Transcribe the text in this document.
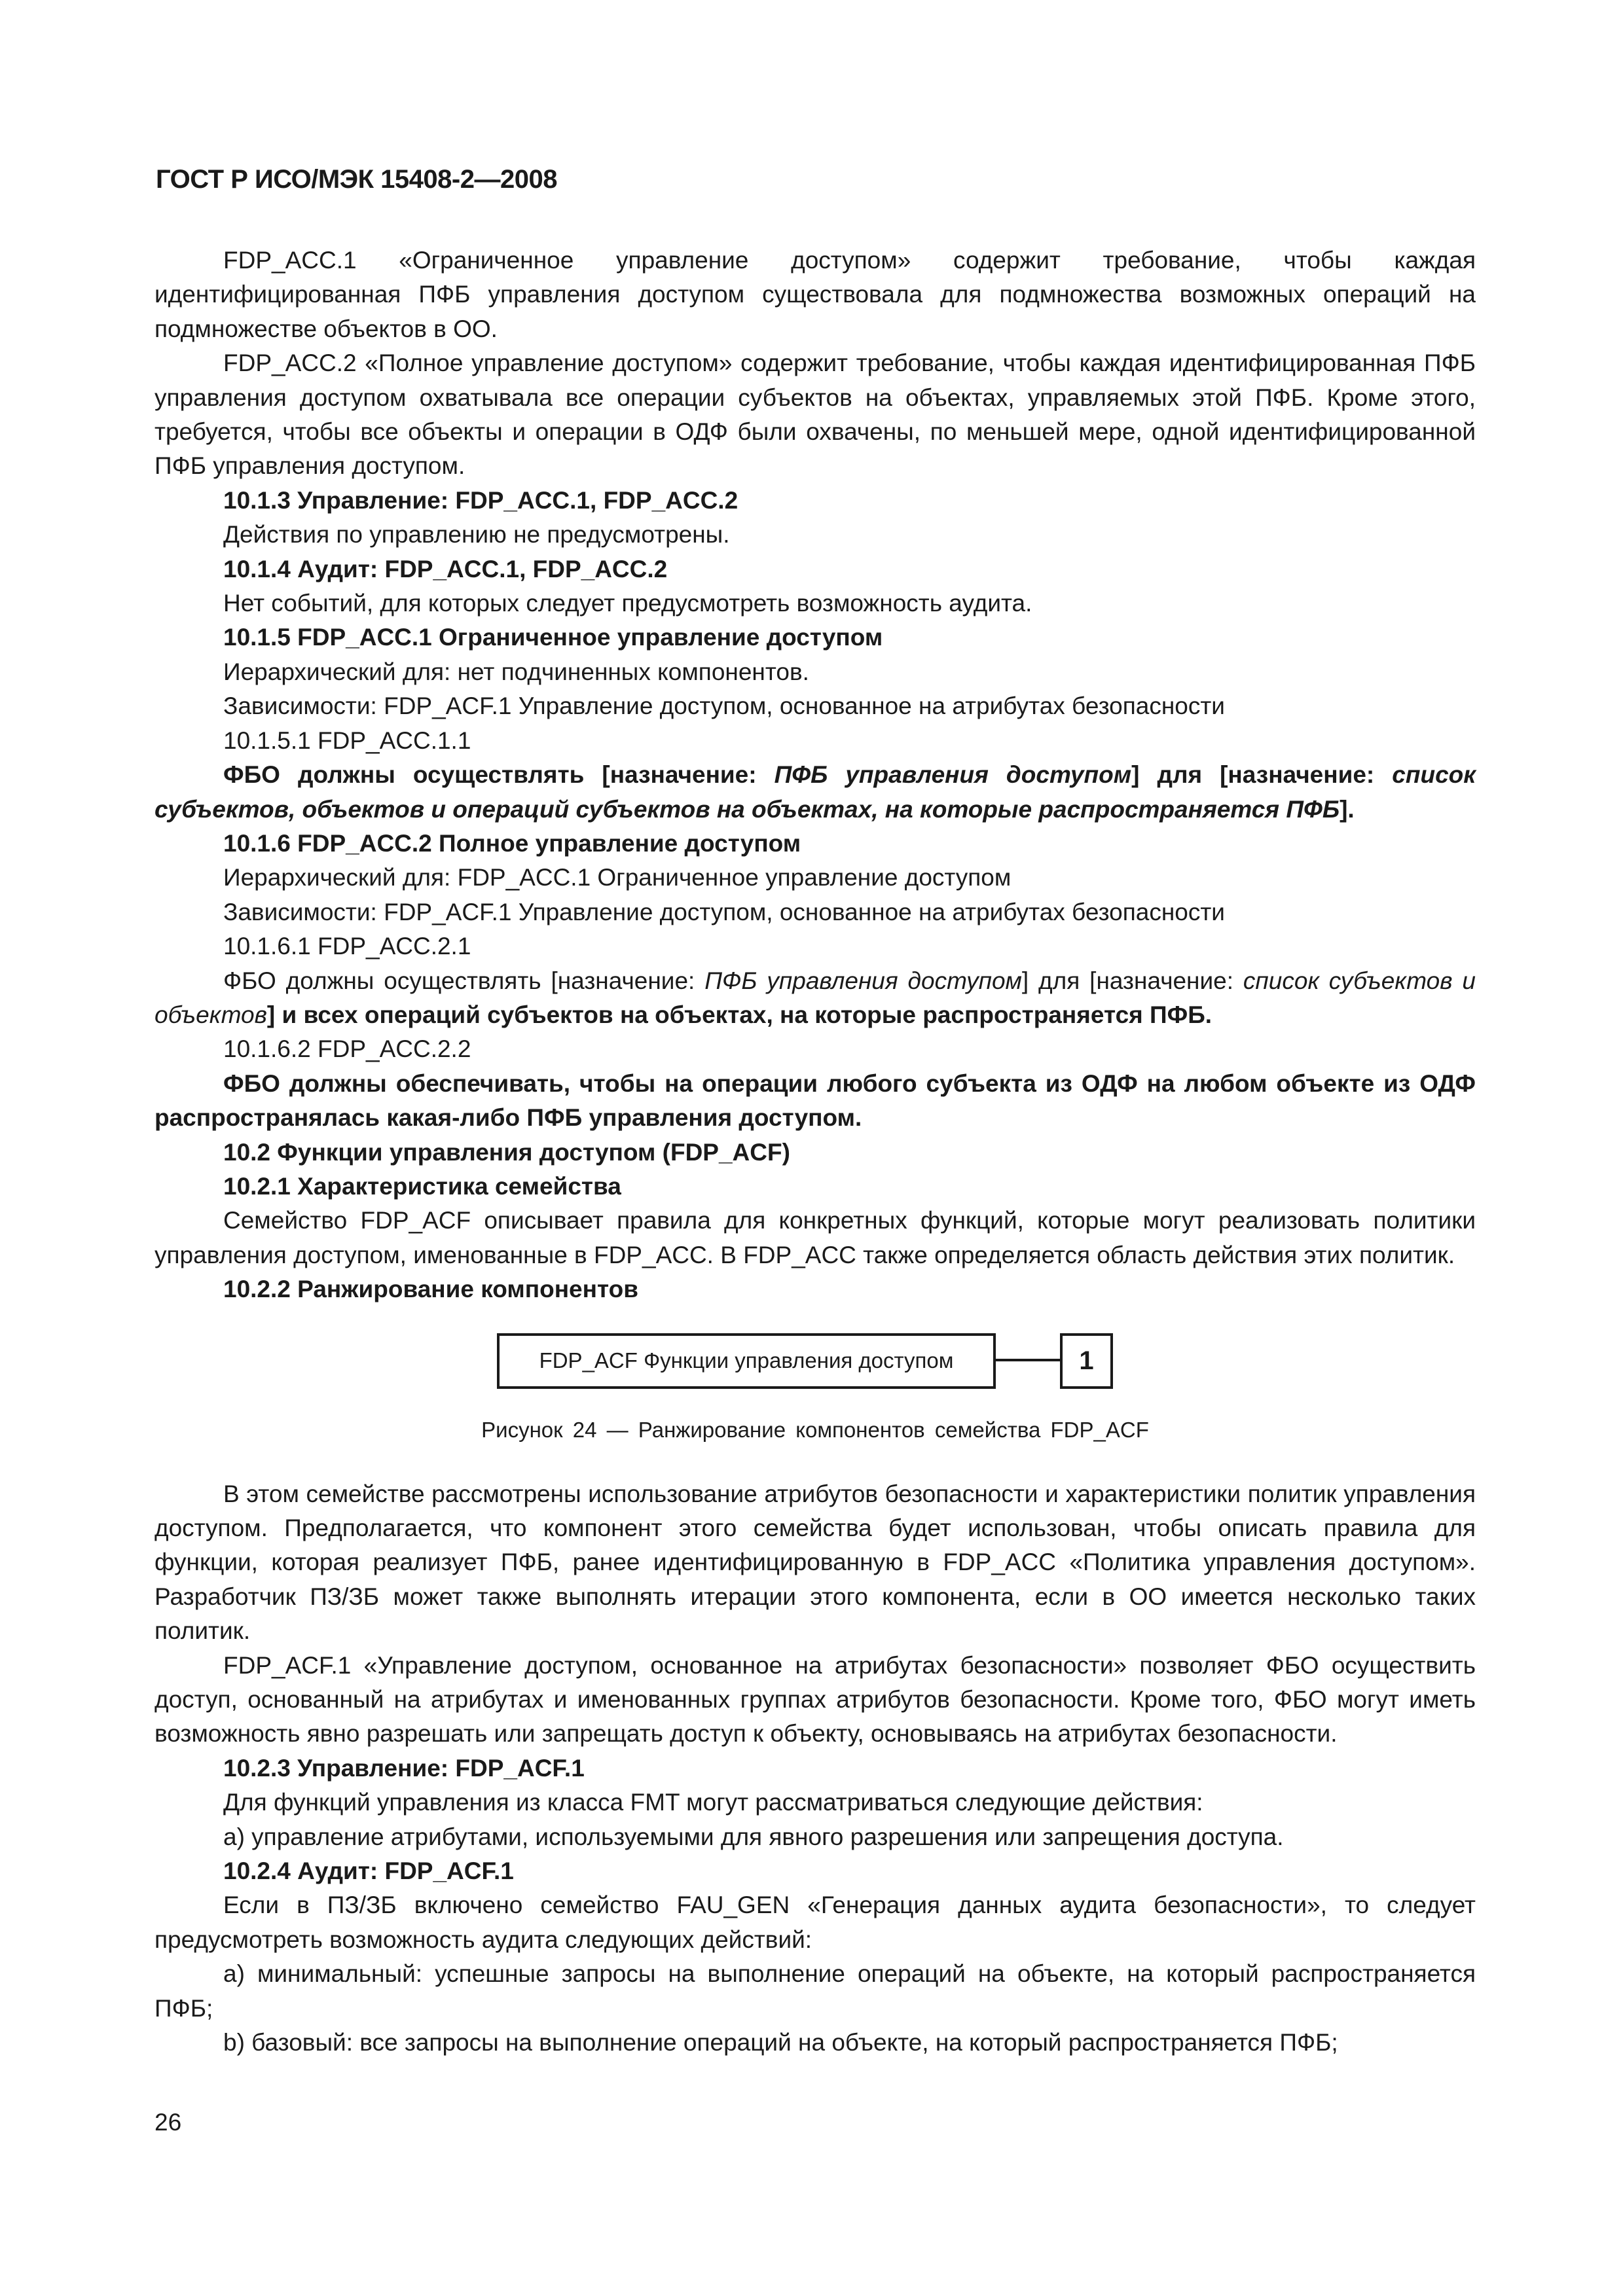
ГОСТ Р ИСО/МЭК 15408-2—2008

FDP_ACC.1 «Ограниченное управление доступом» содержит требование, чтобы каждая идентифицированная ПФБ управления доступом существовала для подмножества возможных операций на подмножестве объектов в ОО.

FDP_ACC.2 «Полное управление доступом» содержит требование, чтобы каждая идентифицированная ПФБ управления доступом охватывала все операции субъектов на объектах, управляемых этой ПФБ. Кроме этого, требуется, чтобы все объекты и операции в ОДФ были охвачены, по меньшей мере, одной идентифицированной ПФБ управления доступом.

10.1.3 Управление: FDP_ACC.1, FDP_ACC.2

Действия по управлению не предусмотрены.

10.1.4 Аудит: FDP_ACC.1, FDP_ACC.2

Нет событий, для которых следует предусмотреть возможность аудита.

10.1.5 FDP_ACC.1 Ограниченное управление доступом

Иерархический для: нет подчиненных компонентов.

Зависимости: FDP_ACF.1 Управление доступом, основанное на атрибутах безопасности

10.1.5.1 FDP_ACC.1.1

ФБО должны осуществлять [назначение: ПФБ управления доступом] для [назначение: список субъектов, объектов и операций субъектов на объектах, на которые распространяется ПФБ].

10.1.6 FDP_ACC.2 Полное управление доступом

Иерархический для: FDP_ACC.1 Ограниченное управление доступом

Зависимости: FDP_ACF.1 Управление доступом, основанное на атрибутах безопасности

10.1.6.1 FDP_ACC.2.1

ФБО должны осуществлять [назначение: ПФБ управления доступом] для [назначение: список субъектов и объектов] и всех операций субъектов на объектах, на которые распространяется ПФБ.

10.1.6.2 FDP_ACC.2.2

ФБО должны обеспечивать, чтобы на операции любого субъекта из ОДФ на любом объекте из ОДФ распространялась какая-либо ПФБ управления доступом.

10.2 Функции управления доступом (FDP_ACF)

10.2.1 Характеристика семейства

Семейство FDP_ACF описывает правила для конкретных функций, которые могут реализовать политики управления доступом, именованные в FDP_ACC. В FDP_ACC также определяется область действия этих политик.

10.2.2 Ранжирование компонентов

FDP_ACF Функции управления доступом	1
Рисунок 24 — Ранжирование компонентов семейства FDP_ACF

В этом семействе рассмотрены использование атрибутов безопасности и характеристики политик управления доступом. Предполагается, что компонент этого семейства будет использован, чтобы описать правила для функции, которая реализует ПФБ, ранее идентифицированную в FDP_ACC «Политика управления доступом». Разработчик ПЗ/ЗБ может также выполнять итерации этого компонента, если в ОО имеется несколько таких политик.

FDP_ACF.1 «Управление доступом, основанное на атрибутах безопасности» позволяет ФБО осуществить доступ, основанный на атрибутах и именованных группах атрибутов безопасности. Кроме того, ФБО могут иметь возможность явно разрешать или запрещать доступ к объекту, основываясь на атрибутах безопасности.

10.2.3 Управление: FDP_ACF.1

Для функций управления из класса FMT могут рассматриваться следующие действия:

a) управление атрибутами, используемыми для явного разрешения или запрещения доступа.

10.2.4 Аудит: FDP_ACF.1

Если в ПЗ/ЗБ включено семейство FAU_GEN «Генерация данных аудита безопасности», то следует предусмотреть возможность аудита следующих действий:

a) минимальный: успешные запросы на выполнение операций на объекте, на который распространяется ПФБ;

b) базовый: все запросы на выполнение операций на объекте, на который распространяется ПФБ;

26
